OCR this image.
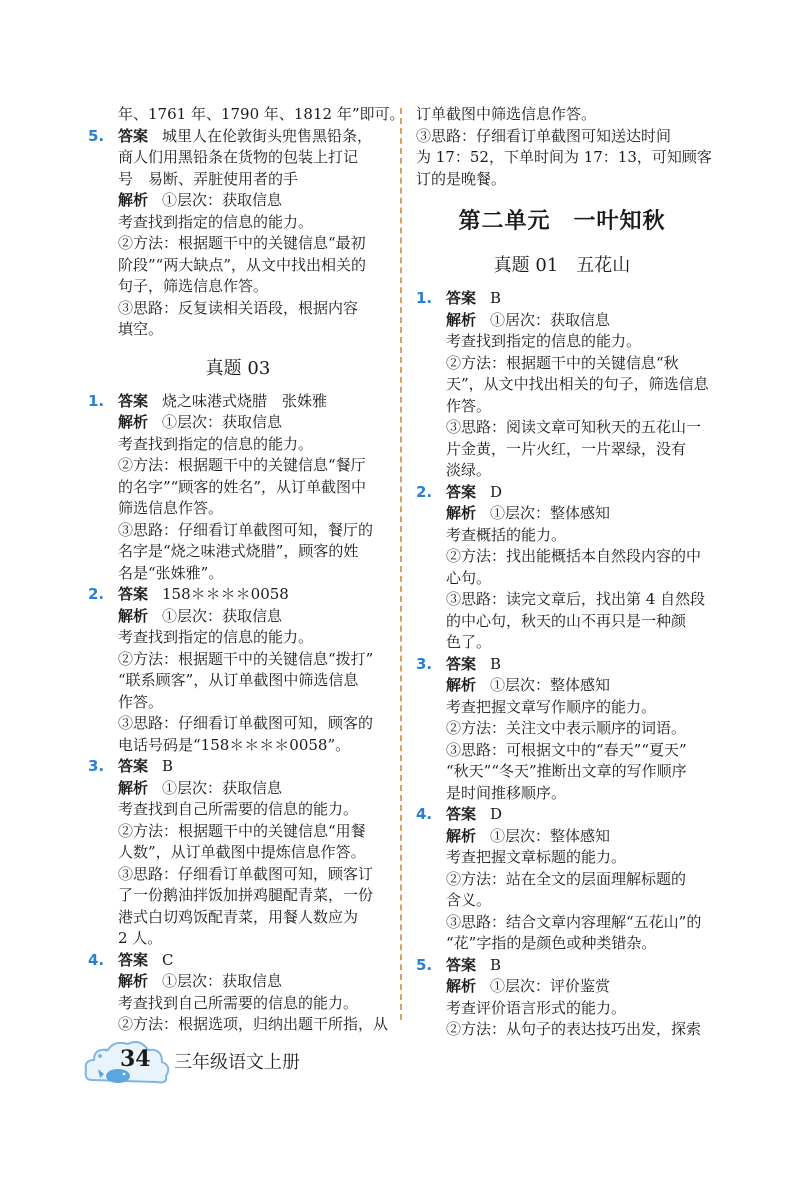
年、1761 年、1790 年、1812 年”即可。
5. 答案 城里人在伦敦街头兜售黑铅条，
商人们用黑铅条在货物的包装上打记
号　易断、弄脏使用者的手
解析 ①层次：获取信息
考查找到指定的信息的能力。
②方法：根据题干中的关键信息“最初
阶段”“两大缺点”，从文中找出相关的
句子，筛选信息作答。
③思路：反复读相关语段，根据内容
填空。
真题 03
1. 答案 烧之味港式烧腊　张姝雅
解析 ①层次：获取信息
考查找到指定的信息的能力。
②方法：根据题干中的关键信息“餐厅
的名字”“顾客的姓名”，从订单截图中
筛选信息作答。
③思路：仔细看订单截图可知，餐厅的
名字是“烧之味港式烧腊”，顾客的姓
名是“张姝雅”。
2. 答案 158＊＊＊＊0058
解析 ①层次：获取信息
考查找到指定的信息的能力。
②方法：根据题干中的关键信息“拨打”
“联系顾客”，从订单截图中筛选信息
作答。
③思路：仔细看订单截图可知，顾客的
电话号码是“158＊＊＊＊0058”。
3. 答案 B
解析 ①层次：获取信息
考查找到自己所需要的信息的能力。
②方法：根据题干中的关键信息“用餐
人数”，从订单截图中提炼信息作答。
③思路：仔细看订单截图可知，顾客订
了一份鹅油拌饭加拼鸡腿配青菜，一份
港式白切鸡饭配青菜，用餐人数应为
2 人。
4. 答案 C
解析 ①层次：获取信息
考查找到自己所需要的信息的能力。
②方法：根据选项，归纳出题干所指，从
订单截图中筛选信息作答。
③思路：仔细看订单截图可知送达时间
为 17：52，下单时间为 17：13，可知顾客
订的是晚餐。
第二单元　一叶知秋
真题 01　五花山
1. 答案 B
解析 ①居次：获取信息
考查找到指定的信息的能力。
②方法：根据题干中的关键信息“秋
天”，从文中找出相关的句子，筛选信息
作答。
③思路：阅读文章可知秋天的五花山一
片金黄，一片火红，一片翠绿，没有
淡绿。
2. 答案 D
解析 ①层次：整体感知
考查概括的能力。
②方法：找出能概括本自然段内容的中
心句。
③思路：读完文章后，找出第 4 自然段
的中心句，秋天的山不再只是一种颜
色了。
3. 答案 B
解析 ①层次：整体感知
考查把握文章写作顺序的能力。
②方法：关注文中表示顺序的词语。
③思路：可根据文中的“春天”“夏天”
“秋天”“冬天”推断出文章的写作顺序
是时间推移顺序。
4. 答案 D
解析 ①层次：整体感知
考查把握文章标题的能力。
②方法：站在全文的层面理解标题的
含义。
③思路：结合文章内容理解“五花山”的
“花”字指的是颜色或种类错杂。
5. 答案 B
解析 ①层次：评价鉴赏
考查评价语言形式的能力。
②方法：从句子的表达技巧出发，探索
34 三年级语文上册
